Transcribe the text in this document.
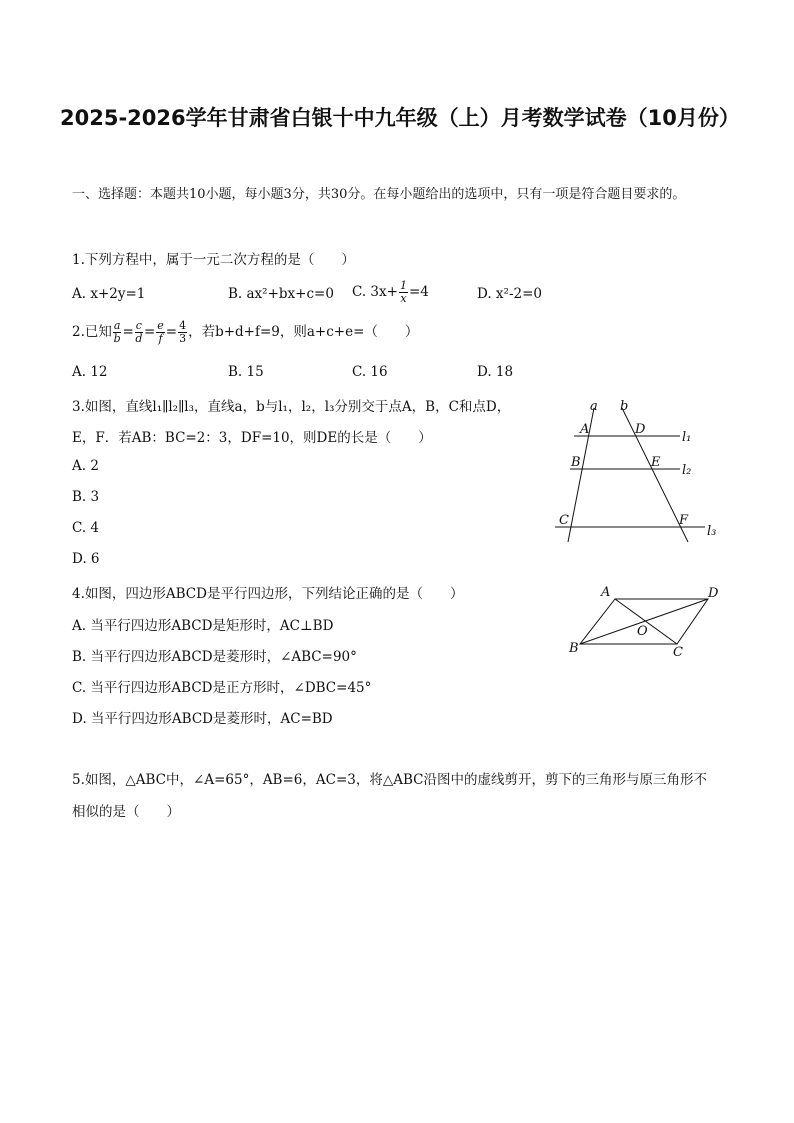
2025-2026学年甘肃省白银十中九年级（上）月考数学试卷（10月份）
一、选择题：本题共10小题，每小题3分，共30分。在每小题给出的选项中，只有一项是符合题目要求的。
1.下列方程中，属于一元二次方程的是（　　）
A. x+2y=1	B. ax²+bx+c=0 C. $3x+ \frac{1}{x} =4$	D. x²-2=0
2.已知 $\frac{a}{b} = \frac{c}{d} = \frac{e}{f} = \frac{4}{3}$ ，若b+d+f=9，则a+c+e=（　　）
A. 12	B. 15	C. 16	D. 18
3.如图，直线l₁∥l₂∥l₃，直线a，b与l₁，l₂，l₃分别交于点A，B，C和点D，
E，F．若AB：BC=2：3，DF=10，则DE的长是（　　）
A. 2
B. 3
C. 4
D. 6
a b
A	D
l₁
B	E
l₂
C	F
l₃
4.如图，四边形ABCD是平行四边形，下列结论正确的是（　　）
A. 当平行四边形ABCD是矩形时，AC⊥BD
B. 当平行四边形ABCD是菱形时，∠ABC=90°
C. 当平行四边形ABCD是正方形时，∠DBC=45°
D. 当平行四边形ABCD是菱形时，AC=BD
A	D
B	C
O
5.如图，△ABC中，∠A=65°，AB=6，AC=3，将△ABC沿图中的虚线剪开，剪下的三角形与原三角形不
相似的是（　　）
